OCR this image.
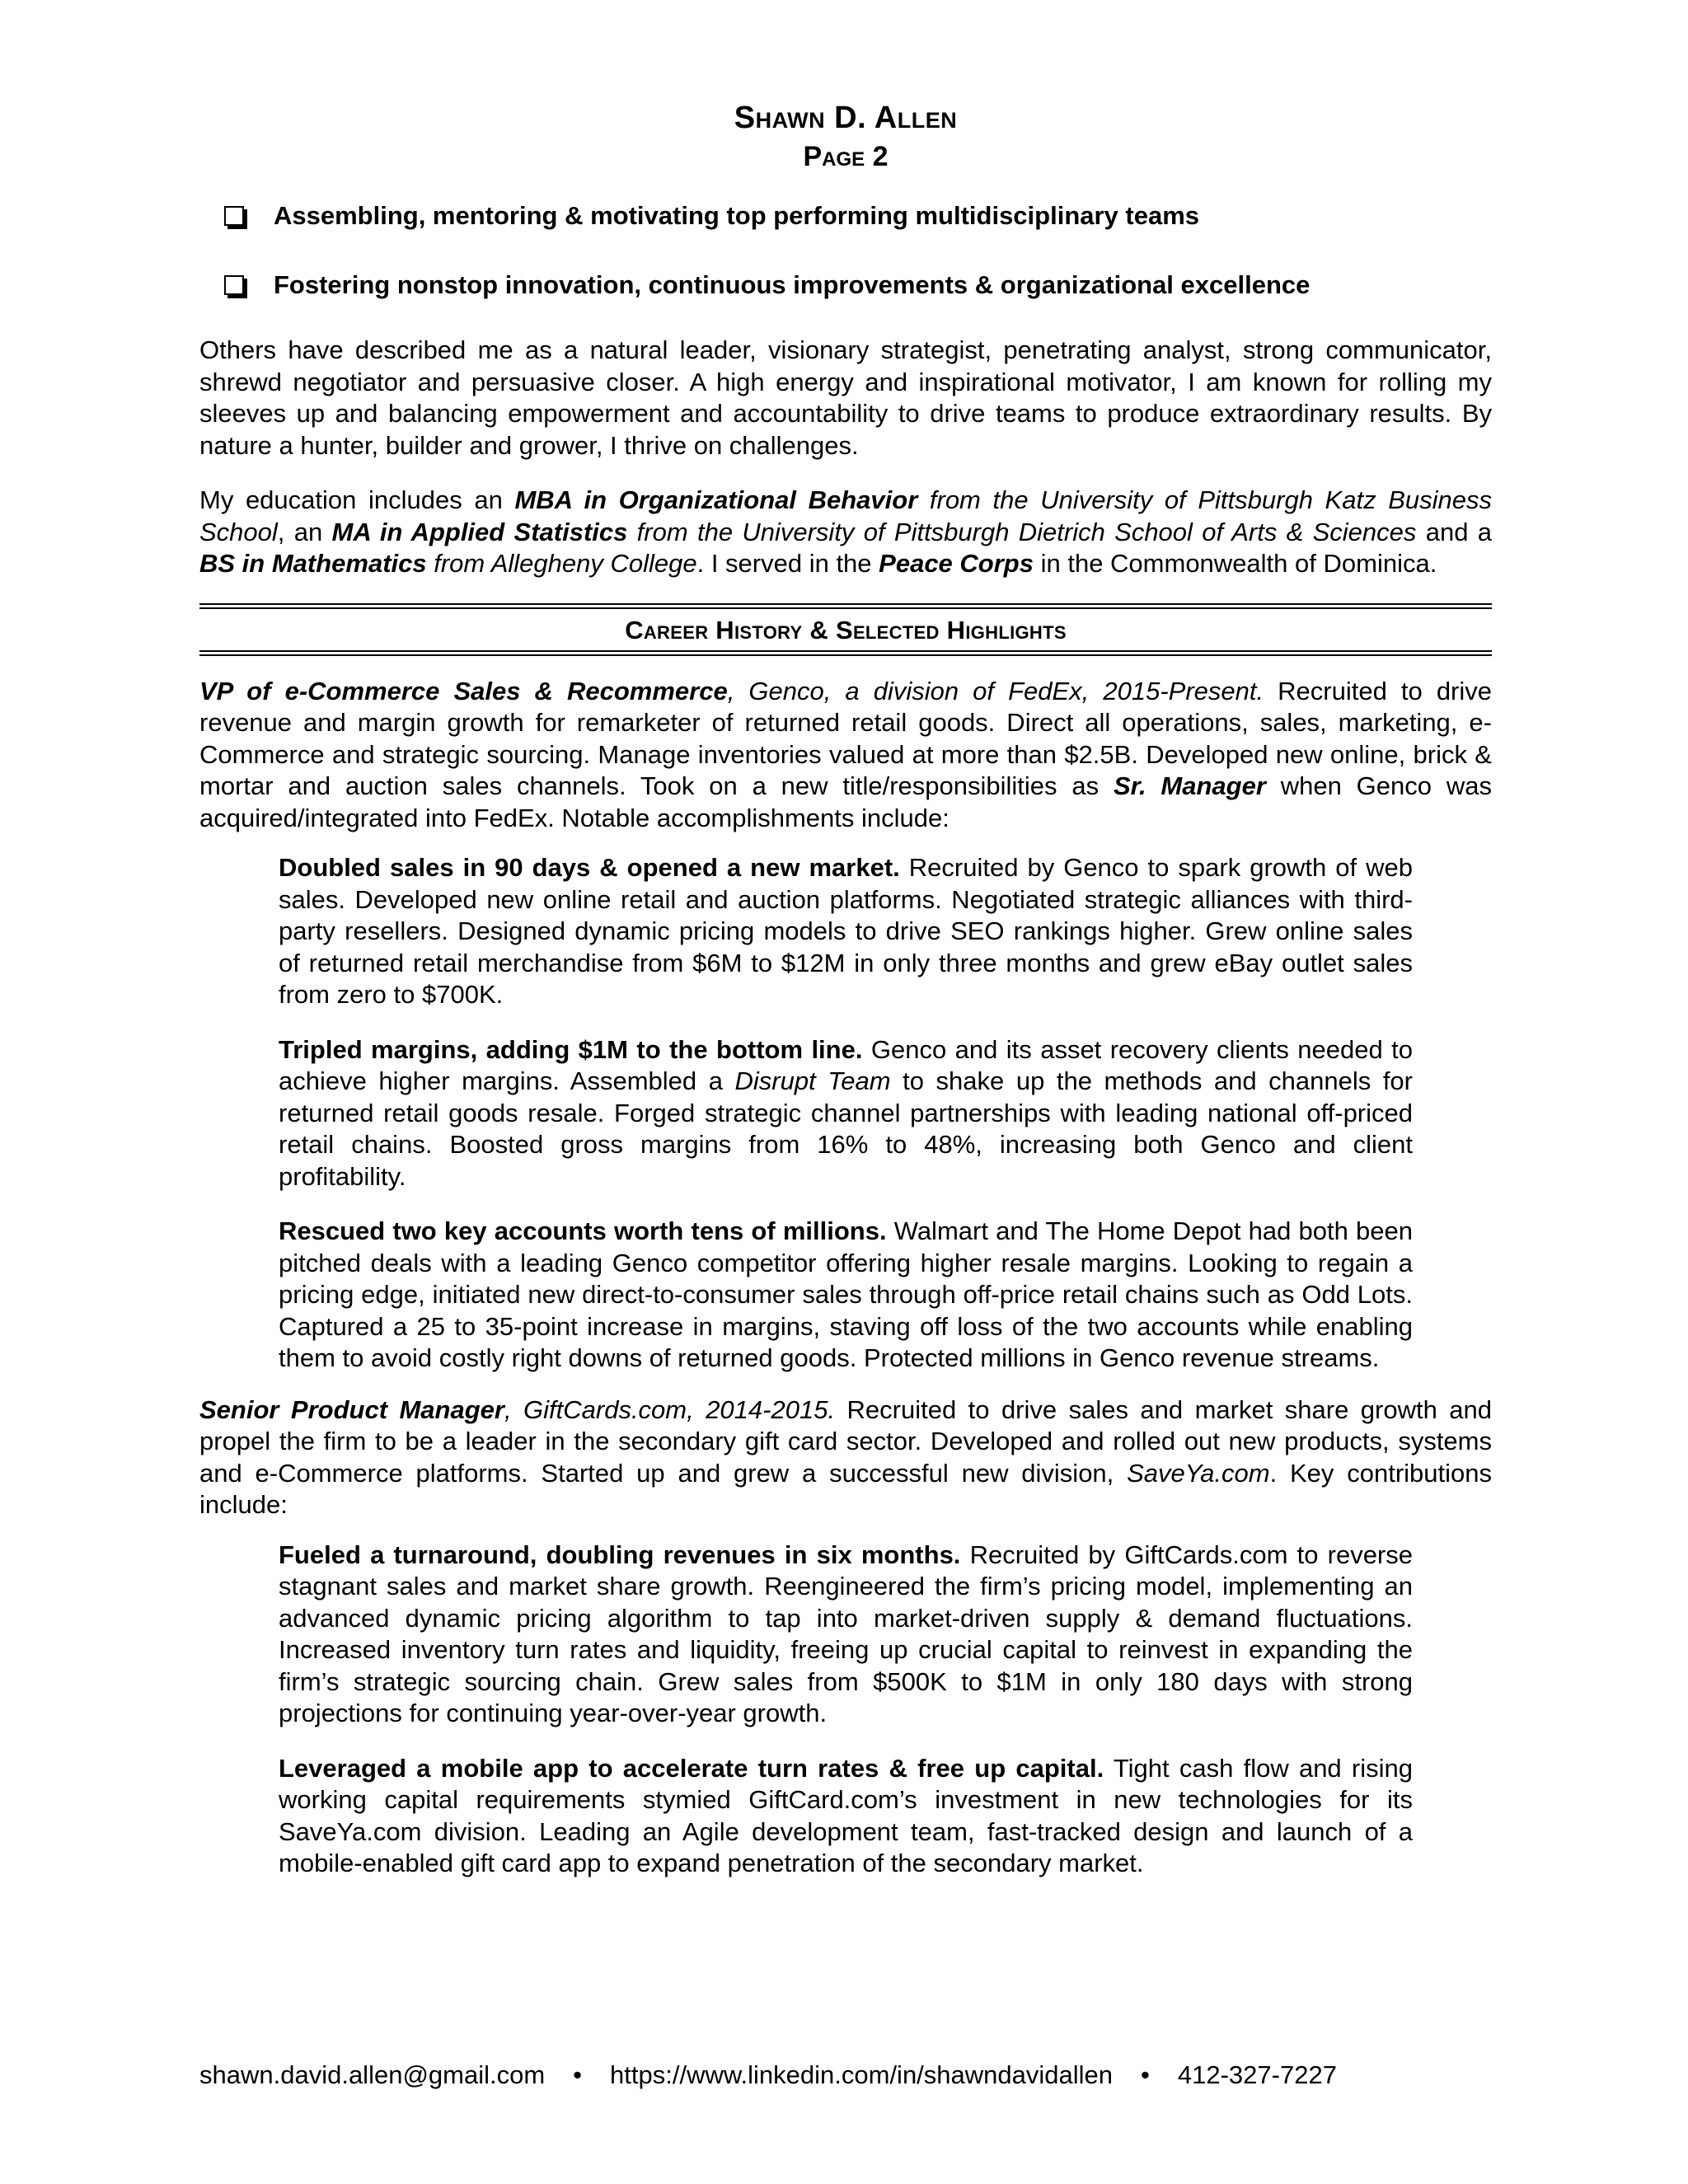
Shawn D. Allen
Page 2
Assembling, mentoring & motivating top performing multidisciplinary teams
Fostering nonstop innovation, continuous improvements & organizational excellence

Others have described me as a natural leader, visionary strategist, penetrating analyst, strong communicator, shrewd negotiator and persuasive closer. A high energy and inspirational motivator, I am known for rolling my sleeves up and balancing empowerment and accountability to drive teams to produce extraordinary results. By nature a hunter, builder and grower, I thrive on challenges.

My education includes an MBA in Organizational Behavior from the University of Pittsburgh Katz Business School, an MA in Applied Statistics from the University of Pittsburgh Dietrich School of Arts & Sciences and a BS in Mathematics from Allegheny College. I served in the Peace Corps in the Commonwealth of Dominica.

Career History & Selected Highlights

VP of e-Commerce Sales & Recommerce, Genco, a division of FedEx, 2015-Present. Recruited to drive revenue and margin growth for remarketer of returned retail goods. Direct all operations, sales, marketing, e-Commerce and strategic sourcing. Manage inventories valued at more than $2.5B. Developed new online, brick & mortar and auction sales channels. Took on a new title/responsibilities as Sr. Manager when Genco was acquired/integrated into FedEx. Notable accomplishments include:

Doubled sales in 90 days & opened a new market. Recruited by Genco to spark growth of web sales. Developed new online retail and auction platforms. Negotiated strategic alliances with third-party resellers. Designed dynamic pricing models to drive SEO rankings higher. Grew online sales of returned retail merchandise from $6M to $12M in only three months and grew eBay outlet sales from zero to $700K.

Tripled margins, adding $1M to the bottom line. Genco and its asset recovery clients needed to achieve higher margins. Assembled a Disrupt Team to shake up the methods and channels for returned retail goods resale. Forged strategic channel partnerships with leading national off-priced retail chains. Boosted gross margins from 16% to 48%, increasing both Genco and client profitability.

Rescued two key accounts worth tens of millions. Walmart and The Home Depot had both been pitched deals with a leading Genco competitor offering higher resale margins. Looking to regain a pricing edge, initiated new direct-to-consumer sales through off-price retail chains such as Odd Lots. Captured a 25 to 35-point increase in margins, staving off loss of the two accounts while enabling them to avoid costly right downs of returned goods. Protected millions in Genco revenue streams.

Senior Product Manager, GiftCards.com, 2014-2015. Recruited to drive sales and market share growth and propel the firm to be a leader in the secondary gift card sector. Developed and rolled out new products, systems and e-Commerce platforms. Started up and grew a successful new division, SaveYa.com. Key contributions include:

Fueled a turnaround, doubling revenues in six months. Recruited by GiftCards.com to reverse stagnant sales and market share growth. Reengineered the firm’s pricing model, implementing an advanced dynamic pricing algorithm to tap into market-driven supply & demand fluctuations. Increased inventory turn rates and liquidity, freeing up crucial capital to reinvest in expanding the firm’s strategic sourcing chain. Grew sales from $500K to $1M in only 180 days with strong projections for continuing year-over-year growth.

Leveraged a mobile app to accelerate turn rates & free up capital. Tight cash flow and rising working capital requirements stymied GiftCard.com’s investment in new technologies for its SaveYa.com division. Leading an Agile development team, fast-tracked design and launch of a mobile-enabled gift card app to expand penetration of the secondary market.

shawn.david.allen@gmail.com • https://www.linkedin.com/in/shawndavidallen • 412-327-7227
